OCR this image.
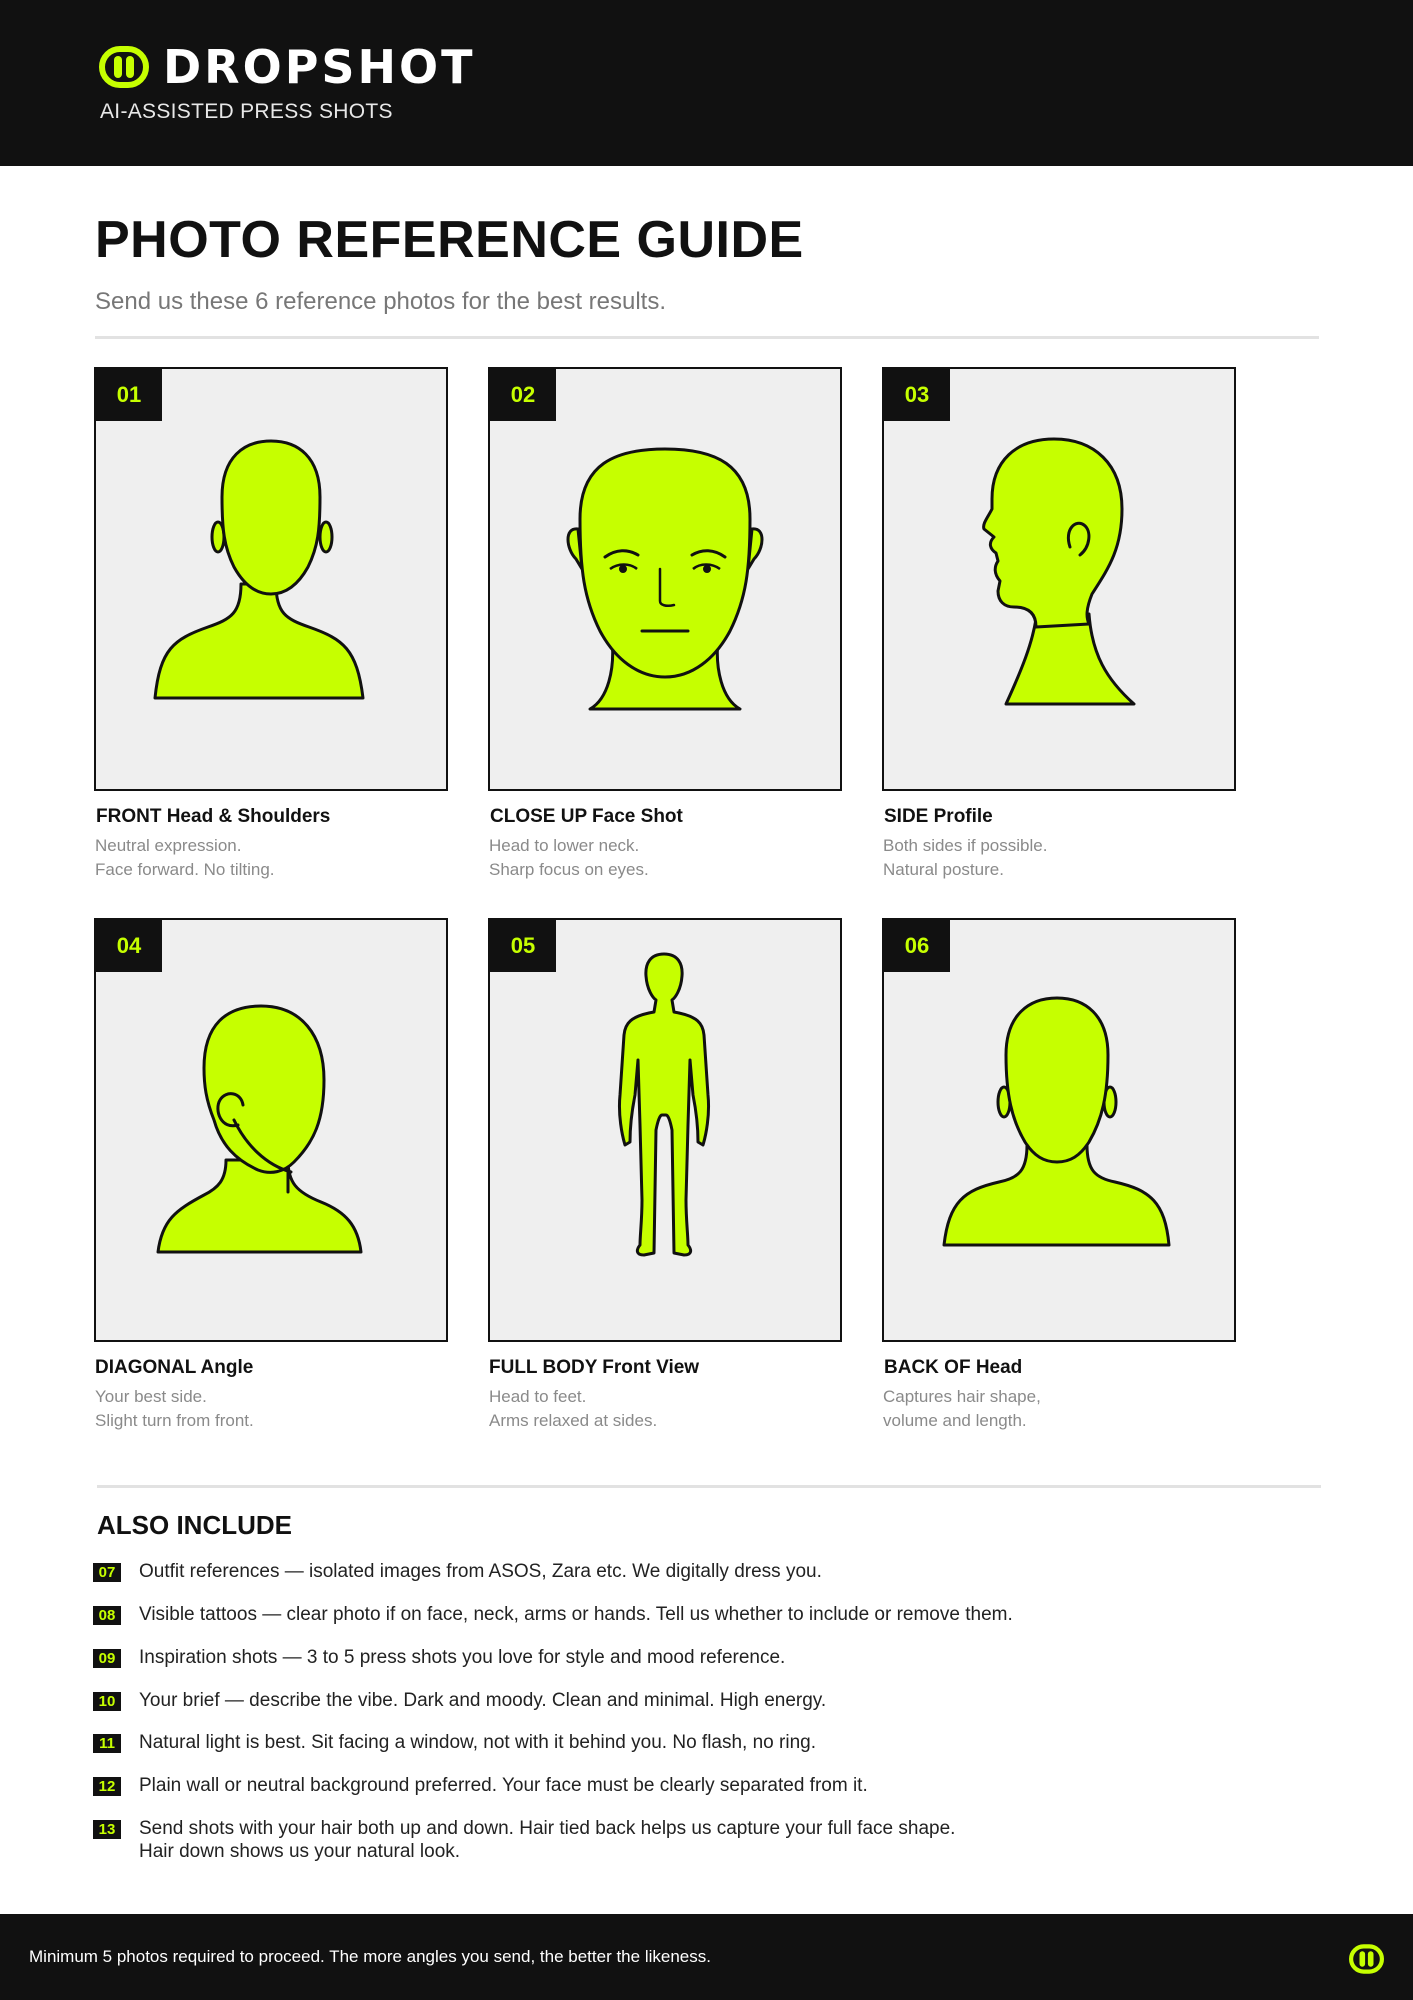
DROPSHOT
AI-ASSISTED PRESS SHOTS
PHOTO REFERENCE GUIDE
Send us these 6 reference photos for the best results.
01
FRONT Head & Shoulders
Neutral expression.
Face forward. No tilting.
02
CLOSE UP Face Shot
Head to lower neck.
Sharp focus on eyes.
03
SIDE Profile
Both sides if possible.
Natural posture.
04
DIAGONAL Angle
Your best side.
Slight turn from front.
05
FULL BODY Front View
Head to feet.
Arms relaxed at sides.
06
BACK OF Head
Captures hair shape,
volume and length.
ALSO INCLUDE
07 Outfit references — isolated images from ASOS, Zara etc. We digitally dress you.
08 Visible tattoos — clear photo if on face, neck, arms or hands. Tell us whether to include or remove them.
09 Inspiration shots — 3 to 5 press shots you love for style and mood reference.
10 Your brief — describe the vibe. Dark and moody. Clean and minimal. High energy.
11	Natural light is best. Sit facing a window, not with it behind you. No flash, no ring.
12 Plain wall or neutral background preferred. Your face must be clearly separated from it.
13 Send shots with your hair both up and down. Hair tied back helps us capture your full face shape.
Hair down shows us your natural look.
Minimum 5 photos required to proceed. The more angles you send, the better the likeness.
